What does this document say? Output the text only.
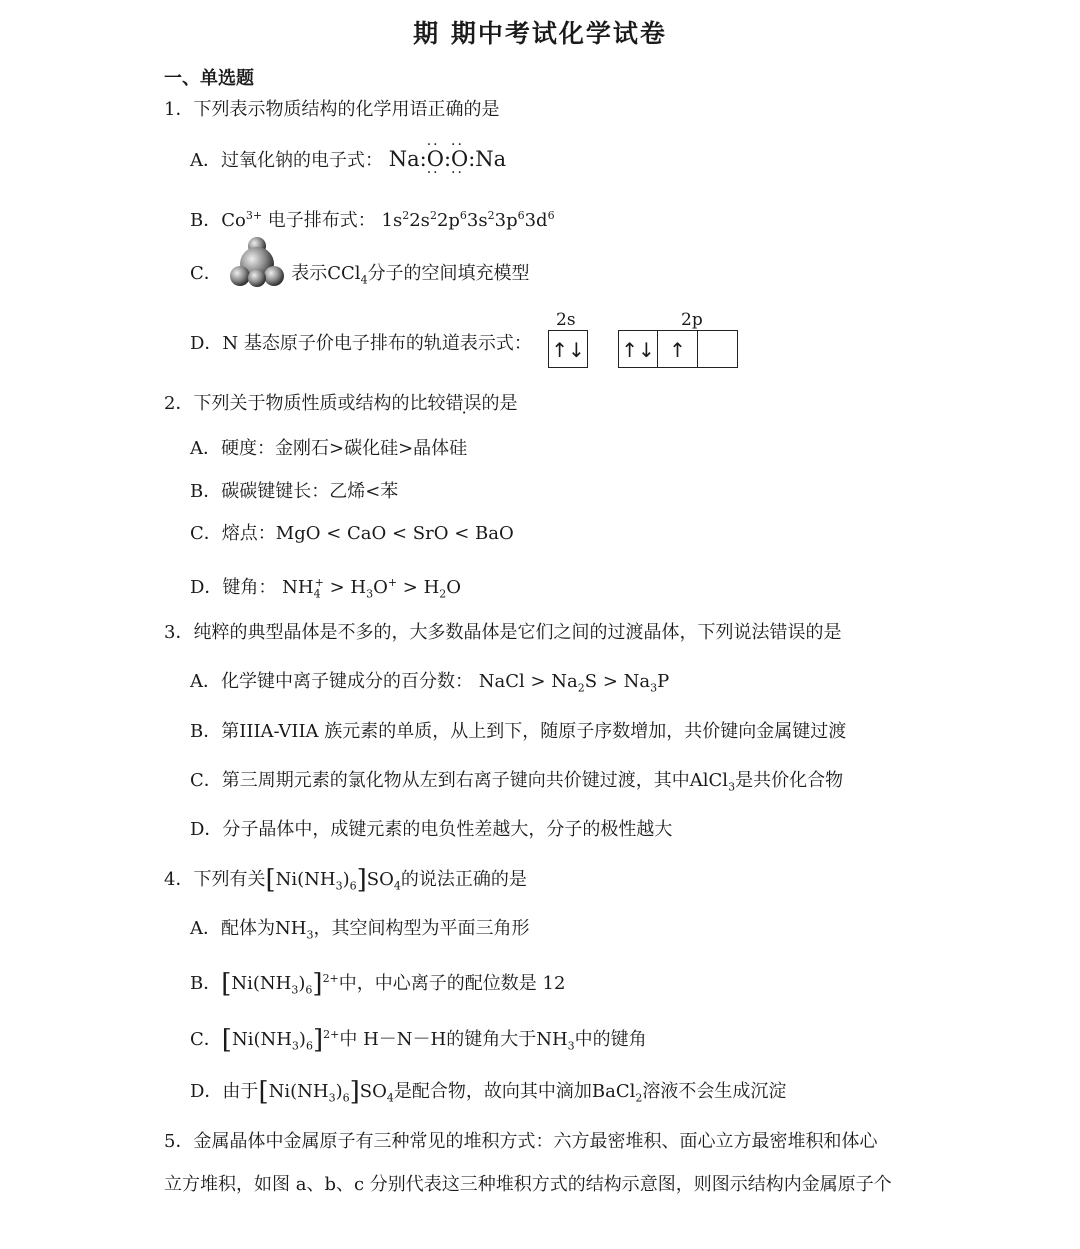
期 期中考试化学试卷
一、单选题
1．下列表示物质结构的化学用语正确的是
A．过氧化钠的电子式： Na:·· O ··:·· O ··:Na
B．$Co^{3+}$ 电子排布式： $1s^22s^22p^63s^23p^63d^6$
C．	表示CCl$_4$分子的空间填充模型
D．N 基态原子价电子排布的轨道表示式：
2s	2p
↑↓ ↑↓ ↑
2．下列关于物质性质或结构的比较错误的是
A．硬度：金刚石>碳化硅>晶体硅
B．碳碳键键长：乙烯<苯
C．熔点：MgO < CaO < SrO < BaO
D．键角： $NH_4^+ > H_3O^+ > H_2O$
3．纯粹的典型晶体是不多的，大多数晶体是它们之间的过渡晶体，下列说法错误的是
A．化学键中离子键成分的百分数： NaCl > $Na_2S > Na_3P$
B．第IIIA-VIIA 族元素的单质，从上到下，随原子序数增加，共价键向金属键过渡
C．第三周期元素的氯化物从左到右离子键向共价键过渡，其中AlCl$_3$是共价化合物
D．分子晶体中，成键元素的电负性差越大，分子的极性越大
4．下列有关$[Ni(NH_3)_6]SO_4$的说法正确的是
A．配体为$NH_3$，其空间构型为平面三角形
B．$[Ni(NH_3)_6]^{2+}$中，中心离子的配位数是 12
C．$[Ni(NH_3)_6]^{2+}$中 H－N－H的键角大于$NH_3$中的键角
D．由于$[Ni(NH_3)_6]SO_4$是配合物，故向其中滴加BaCl$_2$溶液不会生成沉淀
5．金属晶体中金属原子有三种常见的堆积方式：六方最密堆积、面心立方最密堆积和体心
立方堆积，如图 a、b、c 分别代表这三种堆积方式的结构示意图，则图示结构内金属原子个
